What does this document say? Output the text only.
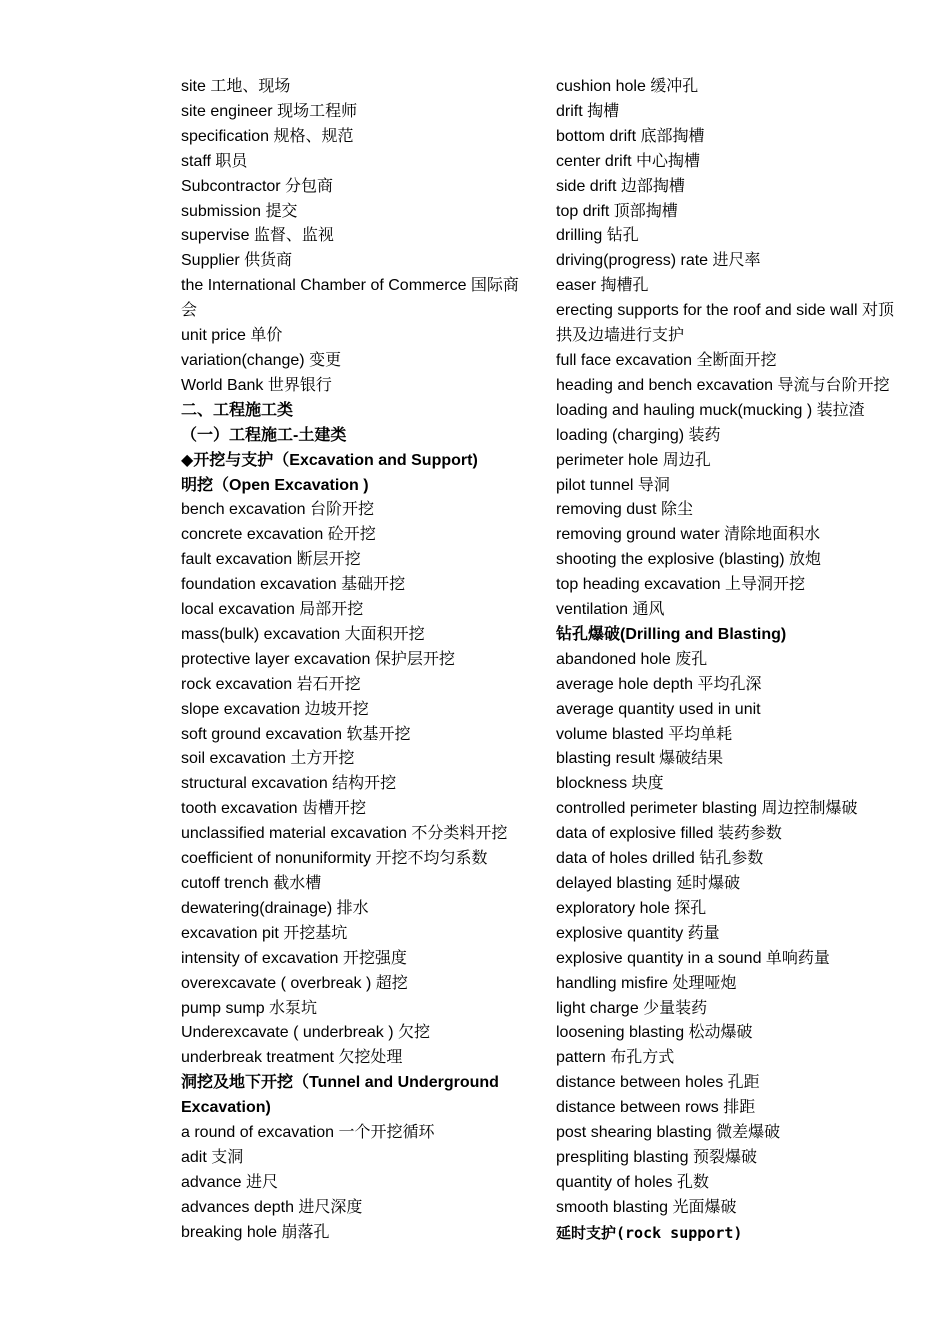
site 工地、现场
site engineer 现场工程师
specification 规格、规范
staff 职员
Subcontractor 分包商
submission 提交
supervise 监督、监视
Supplier 供货商
the International Chamber of Commerce 国际商会
unit price 单价
variation(change) 变更
World Bank 世界银行
二、工程施工类
（一）工程施工-土建类
◆开挖与支护（Excavation and Support)
明挖（Open Excavation )
bench excavation 台阶开挖
concrete excavation 砼开挖
fault excavation 断层开挖
foundation excavation 基础开挖
local excavation 局部开挖
mass(bulk) excavation 大面积开挖
protective layer excavation 保护层开挖
rock excavation 岩石开挖
slope excavation 边坡开挖
soft ground excavation 软基开挖
soil excavation 土方开挖
structural excavation 结构开挖
tooth excavation 齿槽开挖
unclassified material excavation 不分类料开挖
coefficient of nonuniformity 开挖不均匀系数
cutoff trench 截水槽
dewatering(drainage) 排水
excavation pit 开挖基坑
intensity of excavation 开挖强度
overexcavate ( overbreak ) 超挖
pump sump 水泵坑
Underexcavate ( underbreak ) 欠挖
underbreak treatment 欠挖处理
洞挖及地下开挖（Tunnel and Underground Excavation)
a round of excavation 一个开挖循环
adit 支洞
advance 进尺
advances depth 进尺深度
breaking hole 崩落孔
cushion hole 缓冲孔
drift 掏槽
bottom drift 底部掏槽
center drift 中心掏槽
side drift 边部掏槽
top drift 顶部掏槽
drilling 钻孔
driving(progress) rate 进尺率
easer 掏槽孔
erecting supports for the roof and side wall 对顶拱及边墙进行支护
full face excavation 全断面开挖
heading and bench excavation 导流与台阶开挖
loading and hauling muck(mucking ) 装拉渣
loading (charging) 装药
perimeter hole 周边孔
pilot tunnel 导洞
removing dust 除尘
removing ground water 清除地面积水
shooting the explosive (blasting) 放炮
top heading excavation 上导洞开挖
ventilation 通风
钻孔爆破(Drilling and Blasting)
abandoned hole 废孔
average hole depth 平均孔深
average quantity used in unit
volume blasted 平均单耗
blasting result 爆破结果
blockness 块度
controlled perimeter blasting 周边控制爆破
data of explosive filled 装药参数
data of holes drilled 钻孔参数
delayed blasting 延时爆破
exploratory hole 探孔
explosive quantity 药量
explosive quantity in a sound 单响药量
handling misfire 处理哑炮
light charge 少量装药
loosening blasting 松动爆破
pattern 布孔方式
distance between holes 孔距
distance between rows 排距
post shearing blasting 微差爆破
prespliting blasting 预裂爆破
quantity of holes 孔数
smooth blasting 光面爆破
延时支护(rock support)
